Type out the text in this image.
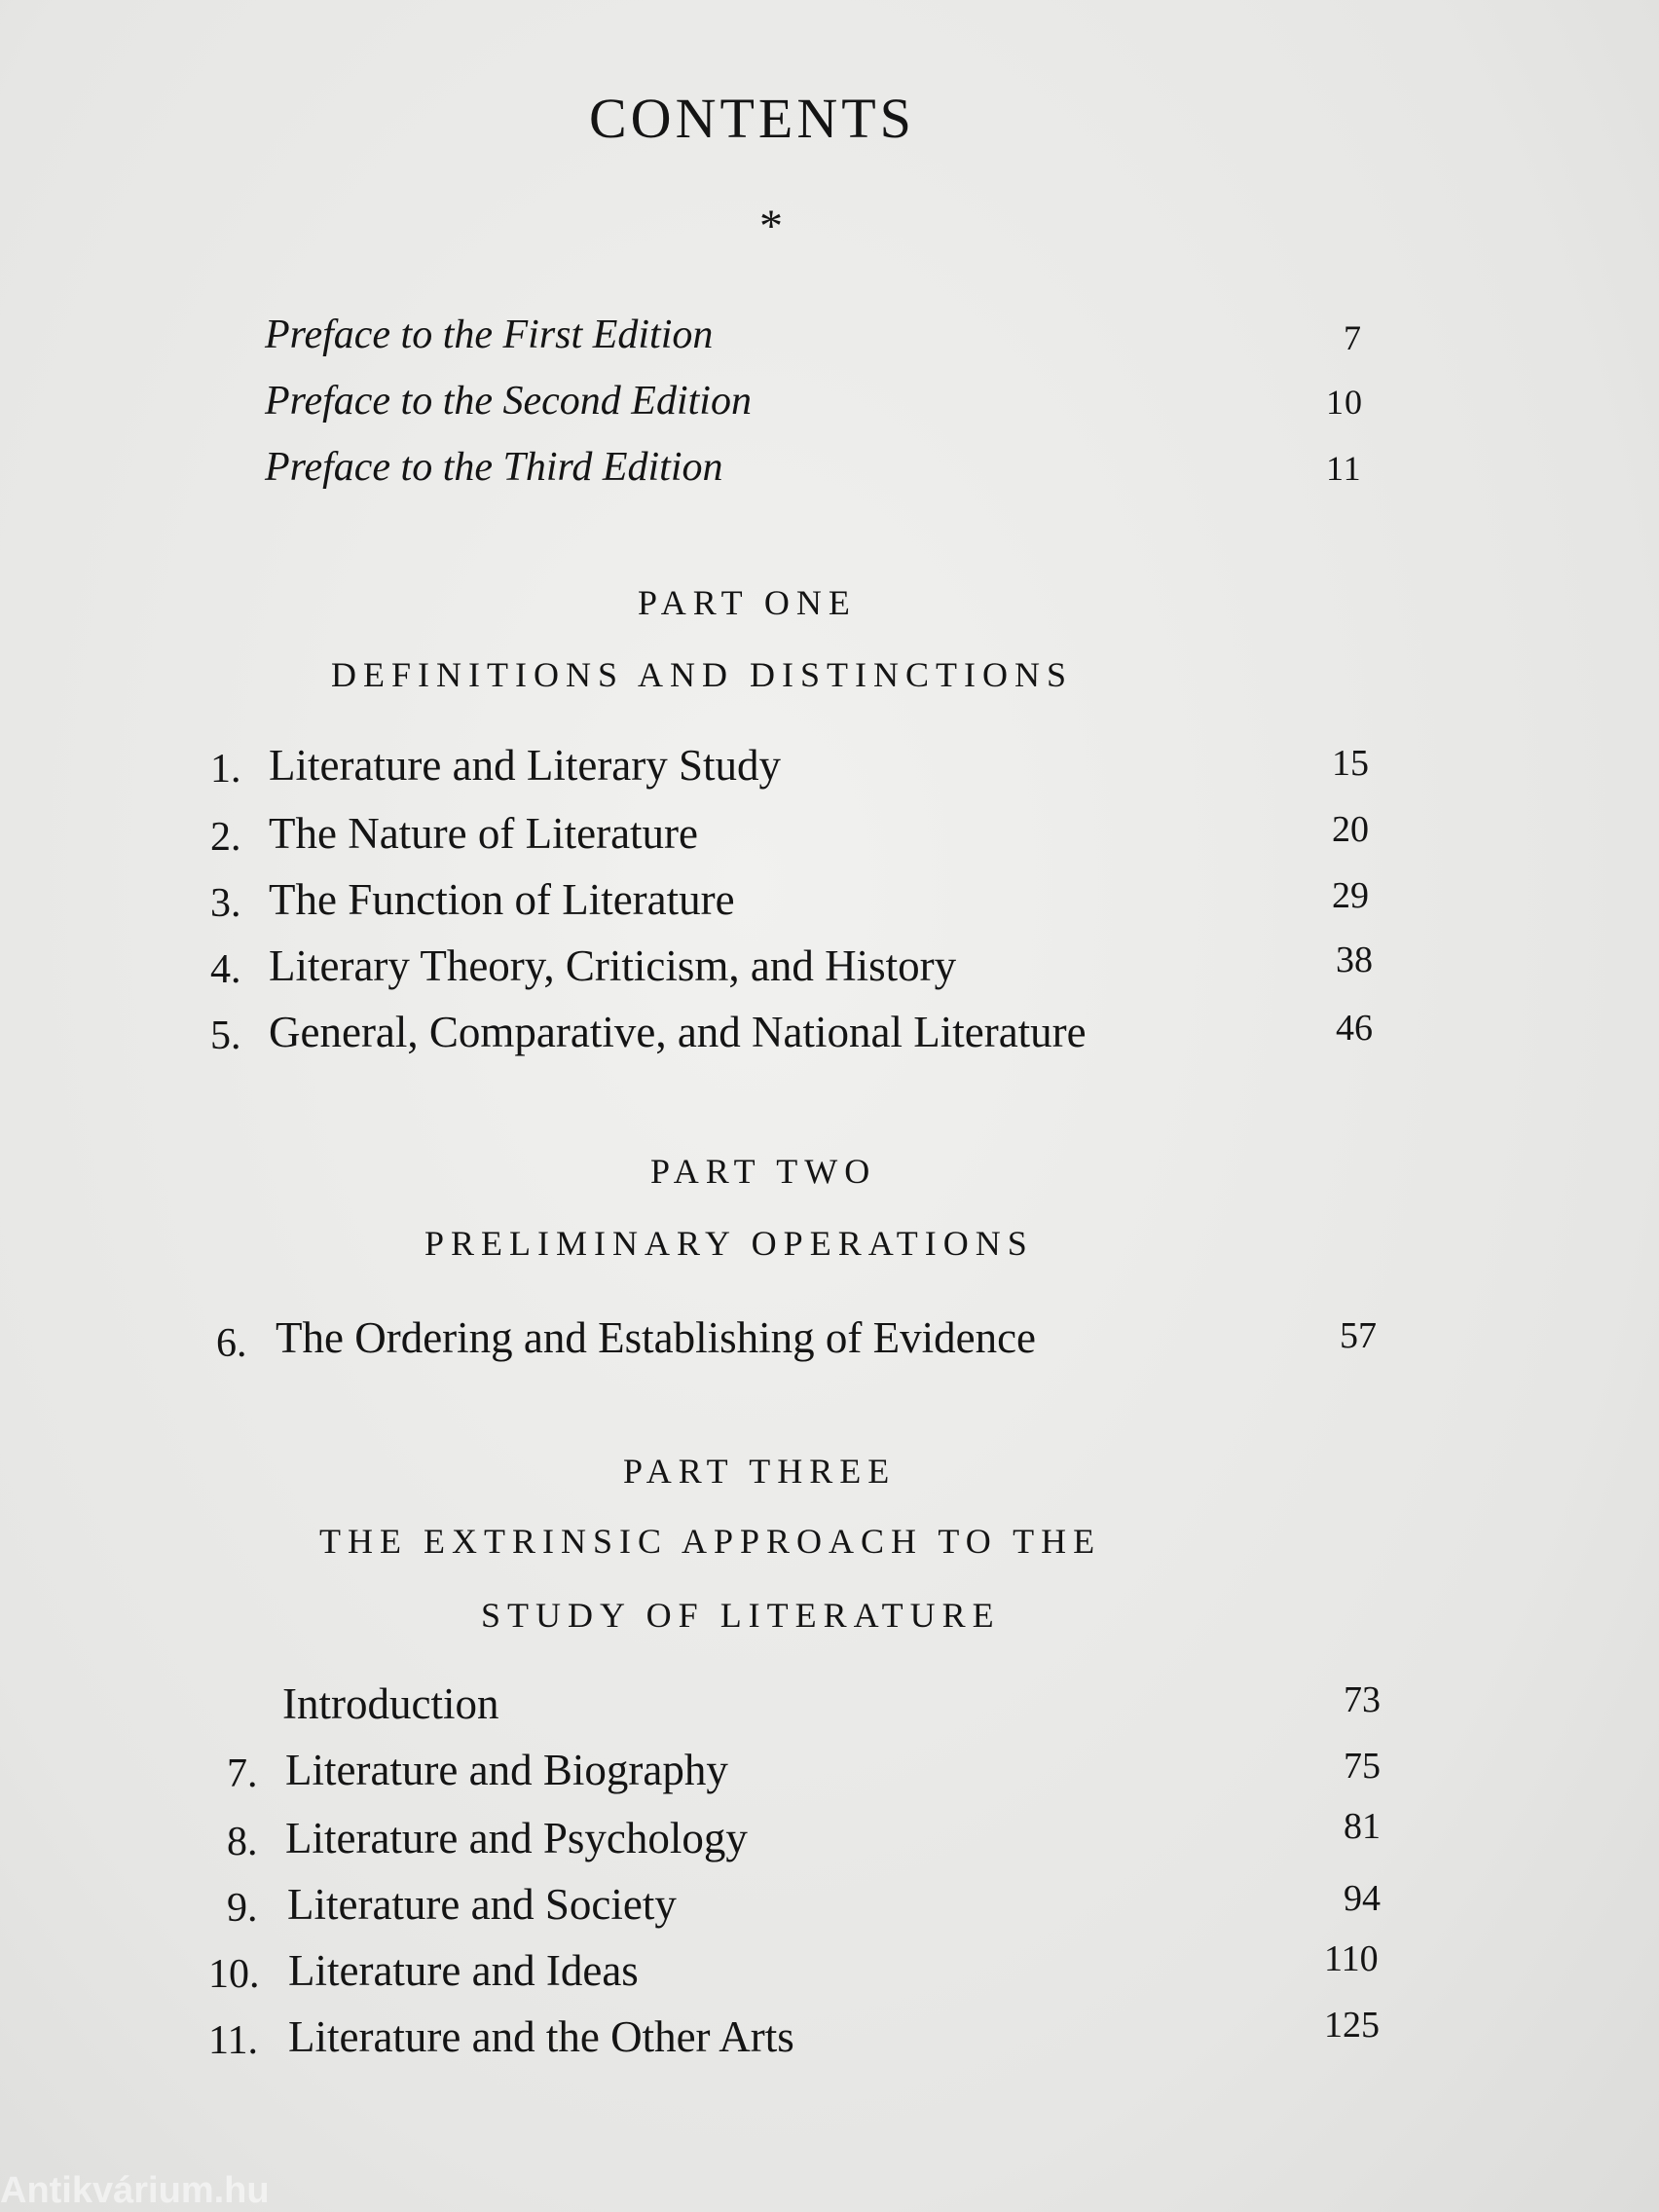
CONTENTS
*
Preface to the First Edition	7
Preface to the Second Edition	10
Preface to the Third Edition	11
PART ONE
DEFINITIONS AND DISTINCTIONS
1. Literature and Literary Study	15
2. The Nature of Literature	20
3. The Function of Literature	29
4. Literary Theory, Criticism, and History	38
5. General, Comparative, and National Literature	46
PART TWO
PRELIMINARY OPERATIONS
6. The Ordering and Establishing of Evidence	57
PART THREE
THE EXTRINSIC APPROACH TO THE
STUDY OF LITERATURE
Introduction	73
7. Literature and Biography	75
8. Literature and Psychology	81
9. Literature and Society	94
10. Literature and Ideas	110
11. Literature and the Other Arts	125
Antikvárium.hu
